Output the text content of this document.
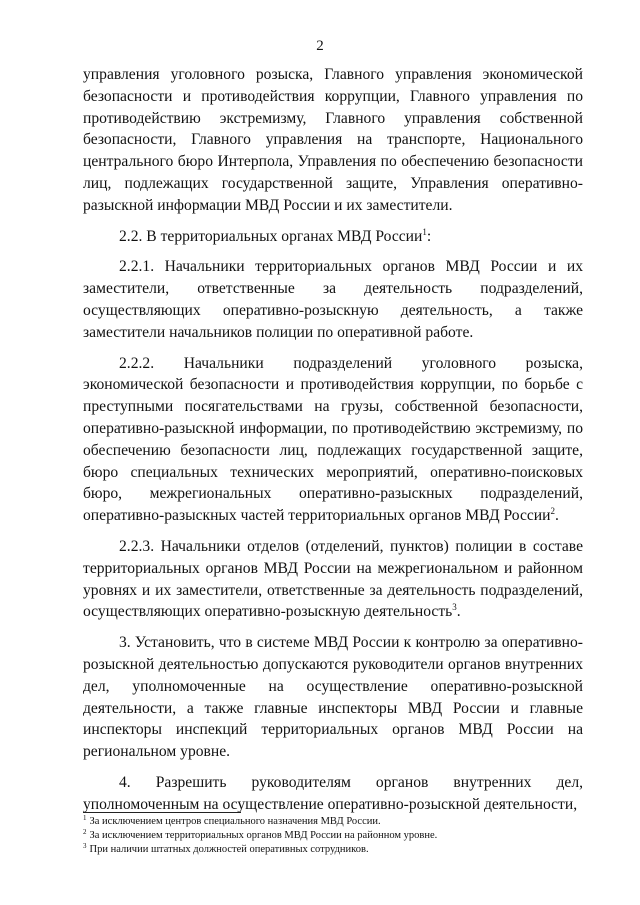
2

управления уголовного розыска, Главного управления экономической безопасности и противодействия коррупции, Главного управления по противодействию экстремизму, Главного управления собственной безопасности, Главного управления на транспорте, Национального центрального бюро Интерпола, Управления по обеспечению безопасности лиц, подлежащих государственной защите, Управления оперативно-разыскной информации МВД России и их заместители.

2.2. В территориальных органах МВД России$^1$:

2.2.1. Начальники территориальных органов МВД России и их заместители, ответственные за деятельность подразделений, осуществляющих оперативно-розыскную деятельность, а также заместители начальников полиции по оперативной работе.

2.2.2. Начальники подразделений уголовного розыска, экономической безопасности и противодействия коррупции, по борьбе с преступными посягательствами на грузы, собственной безопасности, оперативно-разыскной информации, по противодействию экстремизму, по обеспечению безопасности лиц, подлежащих государственной защите, бюро специальных технических мероприятий, оперативно-поисковых бюро, межрегиональных оперативно-разыскных подразделений, оперативно-разыскных частей территориальных органов МВД России$^2$.

2.2.3. Начальники отделов (отделений, пунктов) полиции в составе территориальных органов МВД России на межрегиональном и районном уровнях и их заместители, ответственные за деятельность подразделений, осуществляющих оперативно-розыскную деятельность$^3$.

3. Установить, что в системе МВД России к контролю за оперативно-розыскной деятельностью допускаются руководители органов внутренних дел, уполномоченные на осуществление оперативно-розыскной деятельности, а также главные инспекторы МВД России и главные инспекторы инспекций территориальных органов МВД России на региональном уровне.

4. Разрешить руководителям органов внутренних дел, уполномоченным на осуществление оперативно-розыскной деятельности,

$^1$ За исключением центров специального назначения МВД России.

$^2$ За исключением территориальных органов МВД России на районном уровне.

$^3$ При наличии штатных должностей оперативных сотрудников.
